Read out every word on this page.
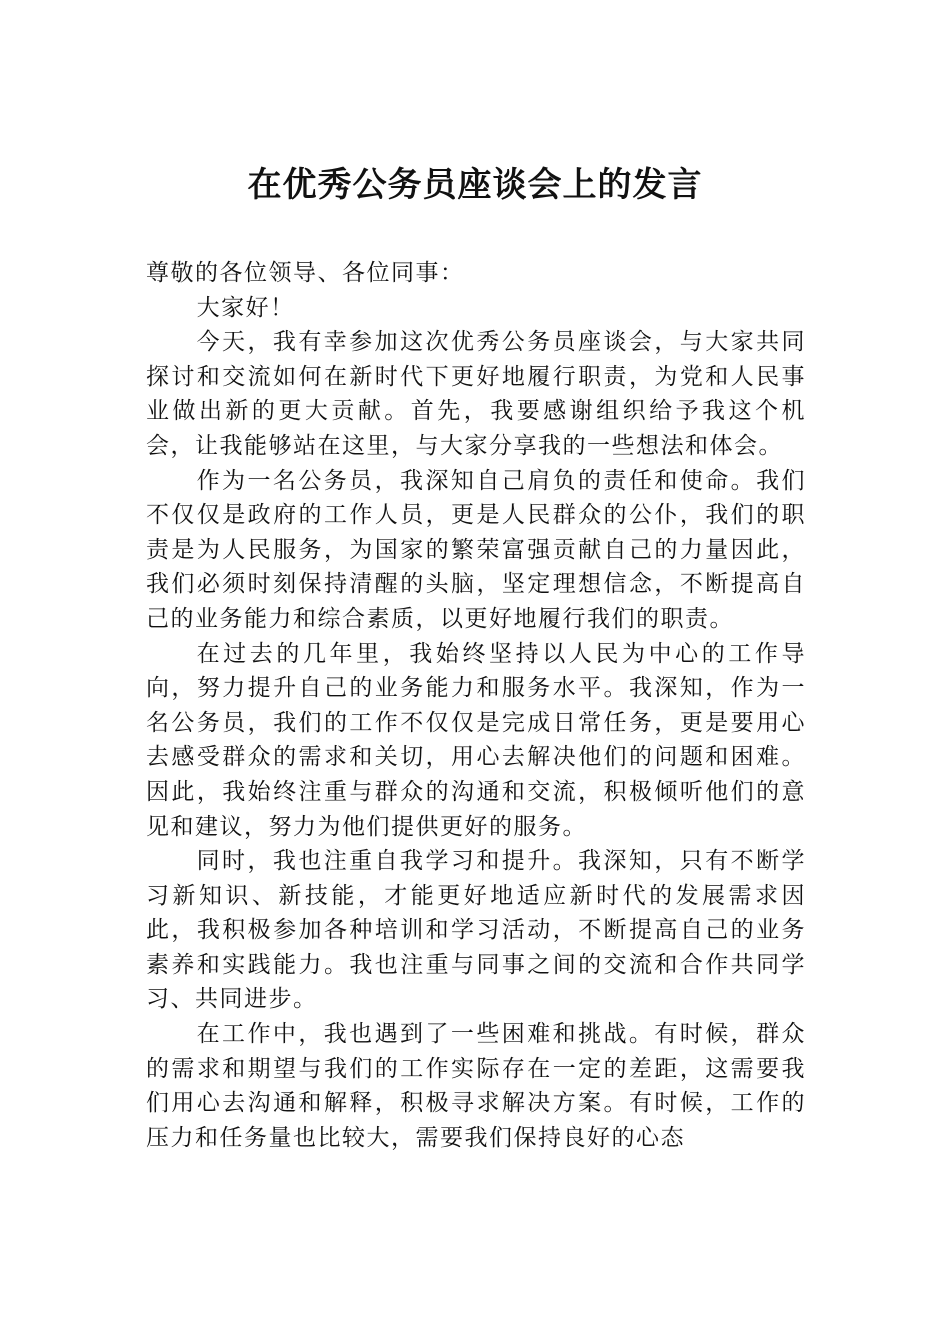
在优秀公务员座谈会上的发言

尊敬的各位领导、各位同事：

大家好！

今天，我有幸参加这次优秀公务员座谈会，与大家共同探讨和交流如何在新时代下更好地履行职责，为党和人民事业做出新的更大贡献。首先，我要感谢组织给予我这个机会，让我能够站在这里，与大家分享我的一些想法和体会。

作为一名公务员，我深知自己肩负的责任和使命。我们不仅仅是政府的工作人员，更是人民群众的公仆，我们的职责是为人民服务，为国家的繁荣富强贡献自己的力量因此，我们必须时刻保持清醒的头脑，坚定理想信念，不断提高自己的业务能力和综合素质，以更好地履行我们的职责。

在过去的几年里，我始终坚持以人民为中心的工作导向，努力提升自己的业务能力和服务水平。我深知，作为一名公务员，我们的工作不仅仅是完成日常任务，更是要用心去感受群众的需求和关切，用心去解决他们的问题和困难。因此，我始终注重与群众的沟通和交流，积极倾听他们的意见和建议，努力为他们提供更好的服务。

同时，我也注重自我学习和提升。我深知，只有不断学习新知识、新技能，才能更好地适应新时代的发展需求因此，我积极参加各种培训和学习活动，不断提高自己的业务素养和实践能力。我也注重与同事之间的交流和合作共同学习、共同进步。

在工作中，我也遇到了一些困难和挑战。有时候，群众的需求和期望与我们的工作实际存在一定的差距，这需要我们用心去沟通和解释，积极寻求解决方案。有时候，工作的压力和任务量也比较大，需要我们保持良好的心态
